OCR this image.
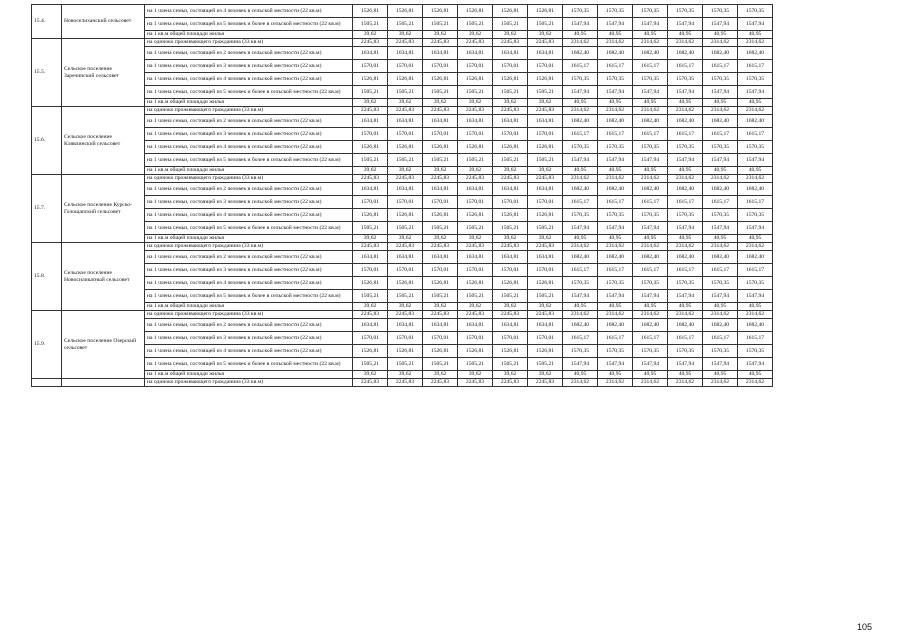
15.4.	Новоселиханский сельсовет	на 1 члена семьи, состоящей из 4 человек в сельской местности (22 кв.м)	1526,81	1526,81	1526,81	1526,81	1526,81	1526,81	1570,35	1570,35	1570,35	1570,35	1570,35	1570,35
		на 1 члена семьи, состоящей из 5 человек и более в сельской местности (22 кв.м)	1505,21	1505,21	1505,21	1505,21	1505,21	1505,21	1547,94	1547,94	1547,94	1547,94	1547,94	1547,94
		на 1 кв.м общей площади жилья	39,62	39,62	39,62	39,62	39,62	39,62	40,95	40,95	40,95	40,95	40,95	40,95
15.5.	Сельское поселение Заречинский сельсовет	на одиноко проживающего гражданина (33 кв.м)	2245,83	2245,83	2245,83	2245,83	2245,83	2245,83	2314,62	2314,62	2314,62	2314,62	2314,62	2314,62
		на 1 члена семьи, состоящей из 2 человек в сельской местности (22 кв.м)	1634,81	1634,81	1634,81	1634,81	1634,81	1634,81	1682,40	1682,40	1682,40	1682,40	1682,40	1682,40
		на 1 члена семьи, состоящей из 3 человек в сельской местности (22 кв.м)	1570,01	1570,01	1570,01	1570,01	1570,01	1570,01	1615,17	1615,17	1615,17	1615,17	1615,17	1615,17
		на 1 члена семьи, состоящей из 4 человек в сельской местности (22 кв.м)	1526,81	1526,81	1526,81	1526,81	1526,81	1526,81	1570,35	1570,35	1570,35	1570,35	1570,35	1570,35
		на 1 члена семьи, состоящей из 5 человек и более в сельской местности (22 кв.м)	1505,21	1505,21	1505,21	1505,21	1505,21	1505,21	1547,94	1547,94	1547,94	1547,94	1547,94	1547,94
		на 1 кв.м общей площади жилья	39,62	39,62	39,62	39,62	39,62	39,62	40,95	40,95	40,95	40,95	40,95	40,95
15.6.	Сельское поселение Клявлинский сельсовет	на одиноко проживающего гражданина (33 кв.м)	2245,83	2245,83	2245,83	2245,83	2245,83	2245,83	2314,62	2314,62	2314,62	2314,62	2314,62	2314,62
		на 1 члена семьи, состоящей из 2 человек в сельской местности (22 кв.м)	1634,81	1634,81	1634,81	1634,81	1634,81	1634,81	1682,40	1682,40	1682,40	1682,40	1682,40	1682,40
		на 1 члена семьи, состоящей из 3 человек в сельской местности (22 кв.м)	1570,01	1570,01	1570,01	1570,01	1570,01	1570,01	1615,17	1615,17	1615,17	1615,17	1615,17	1615,17
		на 1 члена семьи, состоящей из 4 человек в сельской местности (22 кв.м)	1526,81	1526,81	1526,81	1526,81	1526,81	1526,81	1570,35	1570,35	1570,35	1570,35	1570,35	1570,35
		на 1 члена семьи, состоящей из 5 человек и более в сельской местности (22 кв.м)	1505,21	1505,21	1505,21	1505,21	1505,21	1505,21	1547,94	1547,94	1547,94	1547,94	1547,94	1547,94
		на 1 кв.м общей площади жилья	39,62	39,62	39,62	39,62	39,62	39,62	40,95	40,95	40,95	40,95	40,95	40,95
15.7.	Сельское поселение Курско-Голощапский сельсовет	на одиноко проживающего гражданина (33 кв.м)	2245,83	2245,83	2245,83	2245,83	2245,83	2245,83	2314,62	2314,62	2314,62	2314,62	2314,62	2314,62
		на 1 члена семьи, состоящей из 2 человек в сельской местности (22 кв.м)	1634,81	1634,81	1634,81	1634,81	1634,81	1634,81	1682,40	1682,40	1682,40	1682,40	1682,40	1682,40
		на 1 члена семьи, состоящей из 3 человек в сельской местности (22 кв.м)	1570,01	1570,01	1570,01	1570,01	1570,01	1570,01	1615,17	1615,17	1615,17	1615,17	1615,17	1615,17
		на 1 члена семьи, состоящей из 4 человек в сельской местности (22 кв.м)	1526,81	1526,81	1526,81	1526,81	1526,81	1526,81	1570,35	1570,35	1570,35	1570,35	1570,35	1570,35
		на 1 члена семьи, состоящей из 5 человек и более в сельской местности (22 кв.м)	1505,21	1505,21	1505,21	1505,21	1505,21	1505,21	1547,94	1547,94	1547,94	1547,94	1547,94	1547,94
		на 1 кв.м общей площади жилья	39,62	39,62	39,62	39,62	39,62	39,62	40,95	40,95	40,95	40,95	40,95	40,95
15.8.	Сельское поселение Новосиликатный сельсовет	на одиноко проживающего гражданина (33 кв.м)	2245,83	2245,83	2245,83	2245,83	2245,83	2245,83	2314,62	2314,62	2314,62	2314,62	2314,62	2314,62
		на 1 члена семьи, состоящей из 2 человек в сельской местности (22 кв.м)	1634,81	1634,81	1634,81	1634,81	1634,81	1634,81	1682,40	1682,40	1682,40	1682,40	1682,40	1682,40
		на 1 члена семьи, состоящей из 3 человек в сельской местности (22 кв.м)	1570,01	1570,01	1570,01	1570,01	1570,01	1570,01	1615,17	1615,17	1615,17	1615,17	1615,17	1615,17
		на 1 члена семьи, состоящей из 4 человек в сельской местности (22 кв.м)	1526,81	1526,81	1526,81	1526,81	1526,81	1526,81	1570,35	1570,35	1570,35	1570,35	1570,35	1570,35
		на 1 члена семьи, состоящей из 5 человек и более в сельской местности (22 кв.м)	1505,21	1505,21	1505,21	1505,21	1505,21	1505,21	1547,94	1547,94	1547,94	1547,94	1547,94	1547,94
		на 1 кв.м общей площади жилья	39,62	39,62	39,62	39,62	39,62	39,62	40,95	40,95	40,95	40,95	40,95	40,95
15.9.	Сельское поселение Озерский сельсовет	на одиноко проживающего гражданина (33 кв.м)	2245,83	2245,83	2245,83	2245,83	2245,83	2245,83	2314,62	2314,62	2314,62	2314,62	2314,62	2314,62
		на 1 члена семьи, состоящей из 2 человек в сельской местности (22 кв.м)	1634,81	1634,81	1634,81	1634,81	1634,81	1634,81	1682,40	1682,40	1682,40	1682,40	1682,40	1682,40
		на 1 члена семьи, состоящей из 3 человек в сельской местности (22 кв.м)	1570,01	1570,01	1570,01	1570,01	1570,01	1570,01	1615,17	1615,17	1615,17	1615,17	1615,17	1615,17
		на 1 члена семьи, состоящей из 4 человек в сельской местности (22 кв.м)	1526,81	1526,81	1526,81	1526,81	1526,81	1526,81	1570,35	1570,35	1570,35	1570,35	1570,35	1570,35
		на 1 члена семьи, состоящей из 5 человек и более в сельской местности (22 кв.м)	1505,21	1505,21	1505,21	1505,21	1505,21	1505,21	1547,94	1547,94	1547,94	1547,94	1547,94	1547,94
		на 1 кв.м общей площади жилья	39,62	39,62	39,62	39,62	39,62	39,62	40,95	40,95	40,95	40,95	40,95	40,95
		на одиноко проживающего гражданина (33 кв.м)	2245,83	2245,83	2245,83	2245,83	2245,83	2245,83	2314,62	2314,62	2314,62	2314,62	2314,62	2314,62
105
